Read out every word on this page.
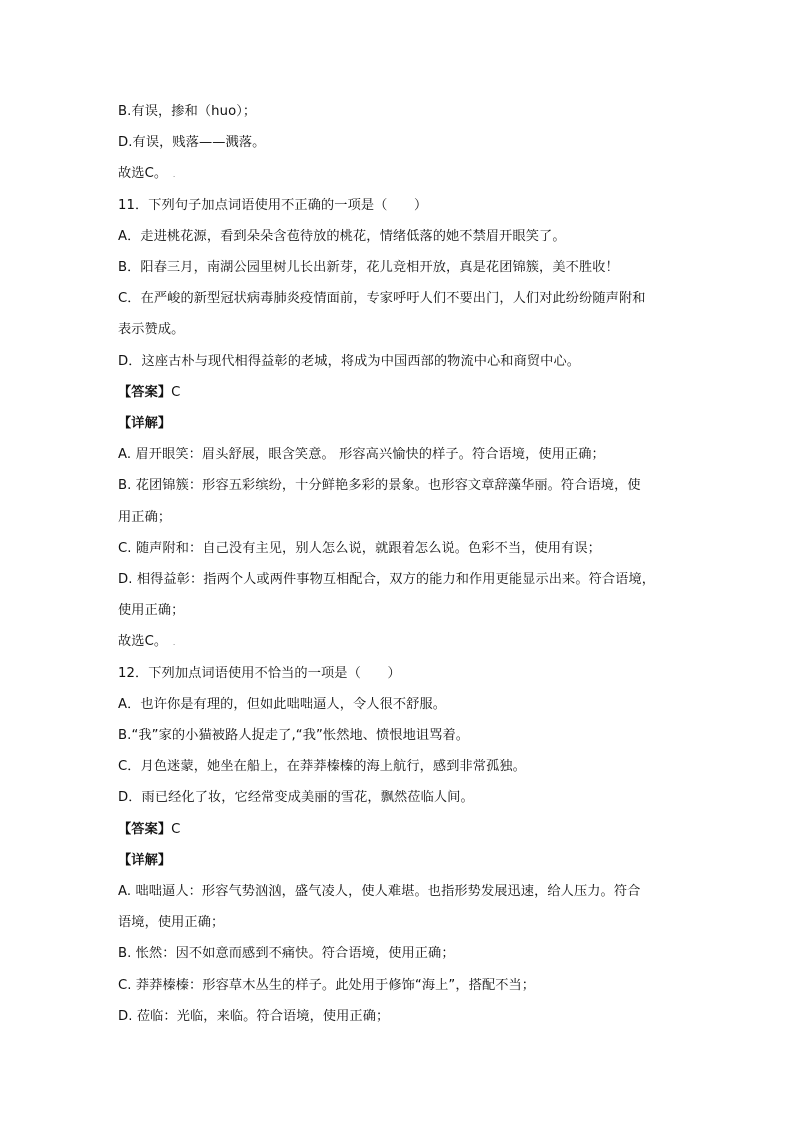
B.有误，掺和（huo）；
D.有误，贱落——溅落。
故选C。 .
11．下列句子加点词语使用不正确的一项是（　　）
A．走进桃花源，看到朵朵含苞待放的桃花，情绪低落的她不禁眉开眼笑了。
B．阳春三月，南湖公园里树儿长出新芽，花儿竞相开放，真是花团锦簇，美不胜收！
C．在严峻的新型冠状病毒肺炎疫情面前，专家呼吁人们不要出门，人们对此纷纷随声附和
表示赞成。
D．这座古朴与现代相得益彰的老城，将成为中国西部的物流中心和商贸中心。
【答案】C
【详解】
A. 眉开眼笑：眉头舒展，眼含笑意。 形容高兴愉快的样子。符合语境，使用正确；
B. 花团锦簇：形容五彩缤纷，十分鲜艳多彩的景象。也形容文章辞藻华丽。符合语境，使
用正确；
C. 随声附和：自己没有主见，别人怎么说，就跟着怎么说。色彩不当，使用有误；
D. 相得益彰：指两个人或两件事物互相配合，双方的能力和作用更能显示出来。符合语境，
使用正确；
故选C。 .
12．下列加点词语使用不恰当的一项是（　　）
A．也许你是有理的，但如此咄咄逼人，令人很不舒服。
B.“我”家的小猫被路人捉走了,“我”怅然地、愤恨地诅骂着。
C．月色迷蒙，她坐在船上，在莽莽榛榛的海上航行，感到非常孤独。
D．雨已经化了妆，它经常变成美丽的雪花，飘然莅临人间。
【答案】C
【详解】
A. 咄咄逼人：形容气势汹汹，盛气凌人，使人难堪。也指形势发展迅速，给人压力。符合
语境，使用正确；
B. 怅然：因不如意而感到不痛快。符合语境，使用正确；
C. 莽莽榛榛：形容草木丛生的样子。此处用于修饰“海上”，搭配不当；
D. 莅临：光临，来临。符合语境，使用正确；
